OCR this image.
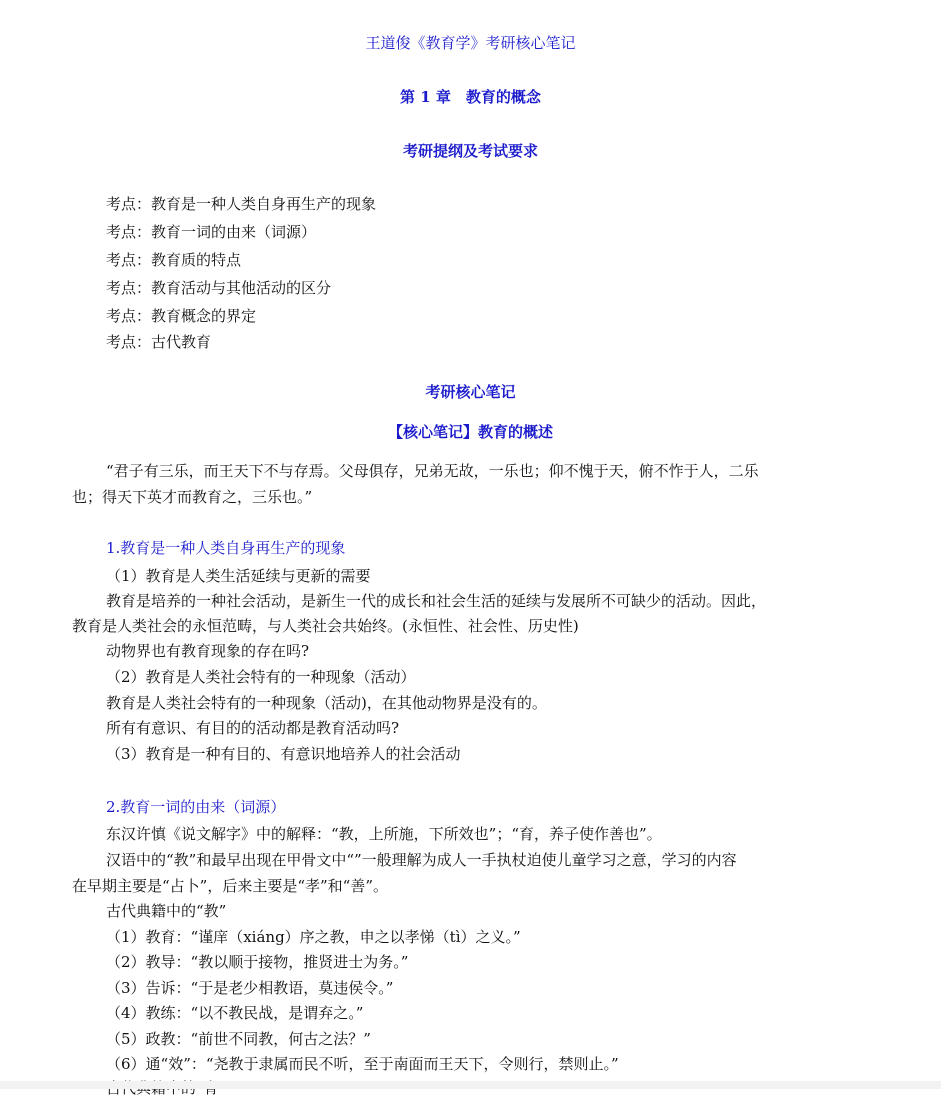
王道俊《教育学》考研核心笔记
第 1 章　教育的概念
考研提纲及考试要求
考点：教育是一种人类自身再生产的现象
考点：教育一词的由来（词源）
考点：教育质的特点
考点：教育活动与其他活动的区分
考点：教育概念的界定
考点：古代教育
考研核心笔记
【核心笔记】教育的概述
“君子有三乐，而王天下不与存焉。父母俱存，兄弟无故，一乐也；仰不愧于天，俯不怍于人，二乐
也；得天下英才而教育之，三乐也。”
1.教育是一种人类自身再生产的现象
（1）教育是人类生活延续与更新的需要
教育是培养的一种社会活动，是新生一代的成长和社会生活的延续与发展所不可缺少的活动。因此，
教育是人类社会的永恒范畴，与人类社会共始终。(永恒性、社会性、历史性)
动物界也有教育现象的存在吗?
（2）教育是人类社会特有的一种现象（活动）
教育是人类社会特有的一种现象（活动)，在其他动物界是没有的。
所有有意识、有目的的活动都是教育活动吗?
（3）教育是一种有目的、有意识地培养人的社会活动
2.教育一词的由来（词源）
东汉许慎《说文解字》中的解释：“教，上所施，下所效也”；“育，养子使作善也”。
汉语中的“教”和最早出现在甲骨文中“”一般理解为成人一手执杖迫使儿童学习之意，学习的内容
在早期主要是“占卜”，后来主要是“孝”和“善”。
古代典籍中的“教”
（1）教育：“谨庠（xiáng）序之教，申之以孝悌（tì）之义。”
（2）教导：“教以顺于接物，推贤进士为务。”
（3）告诉：“于是老少相教语，莫违侯令。”
（4）教练：“以不教民战，是谓弃之。”
（5）政教：“前世不同教，何古之法？”
（6）通“效”：“尧教于隶属而民不听，至于南面而王天下，令则行，禁则止。”
